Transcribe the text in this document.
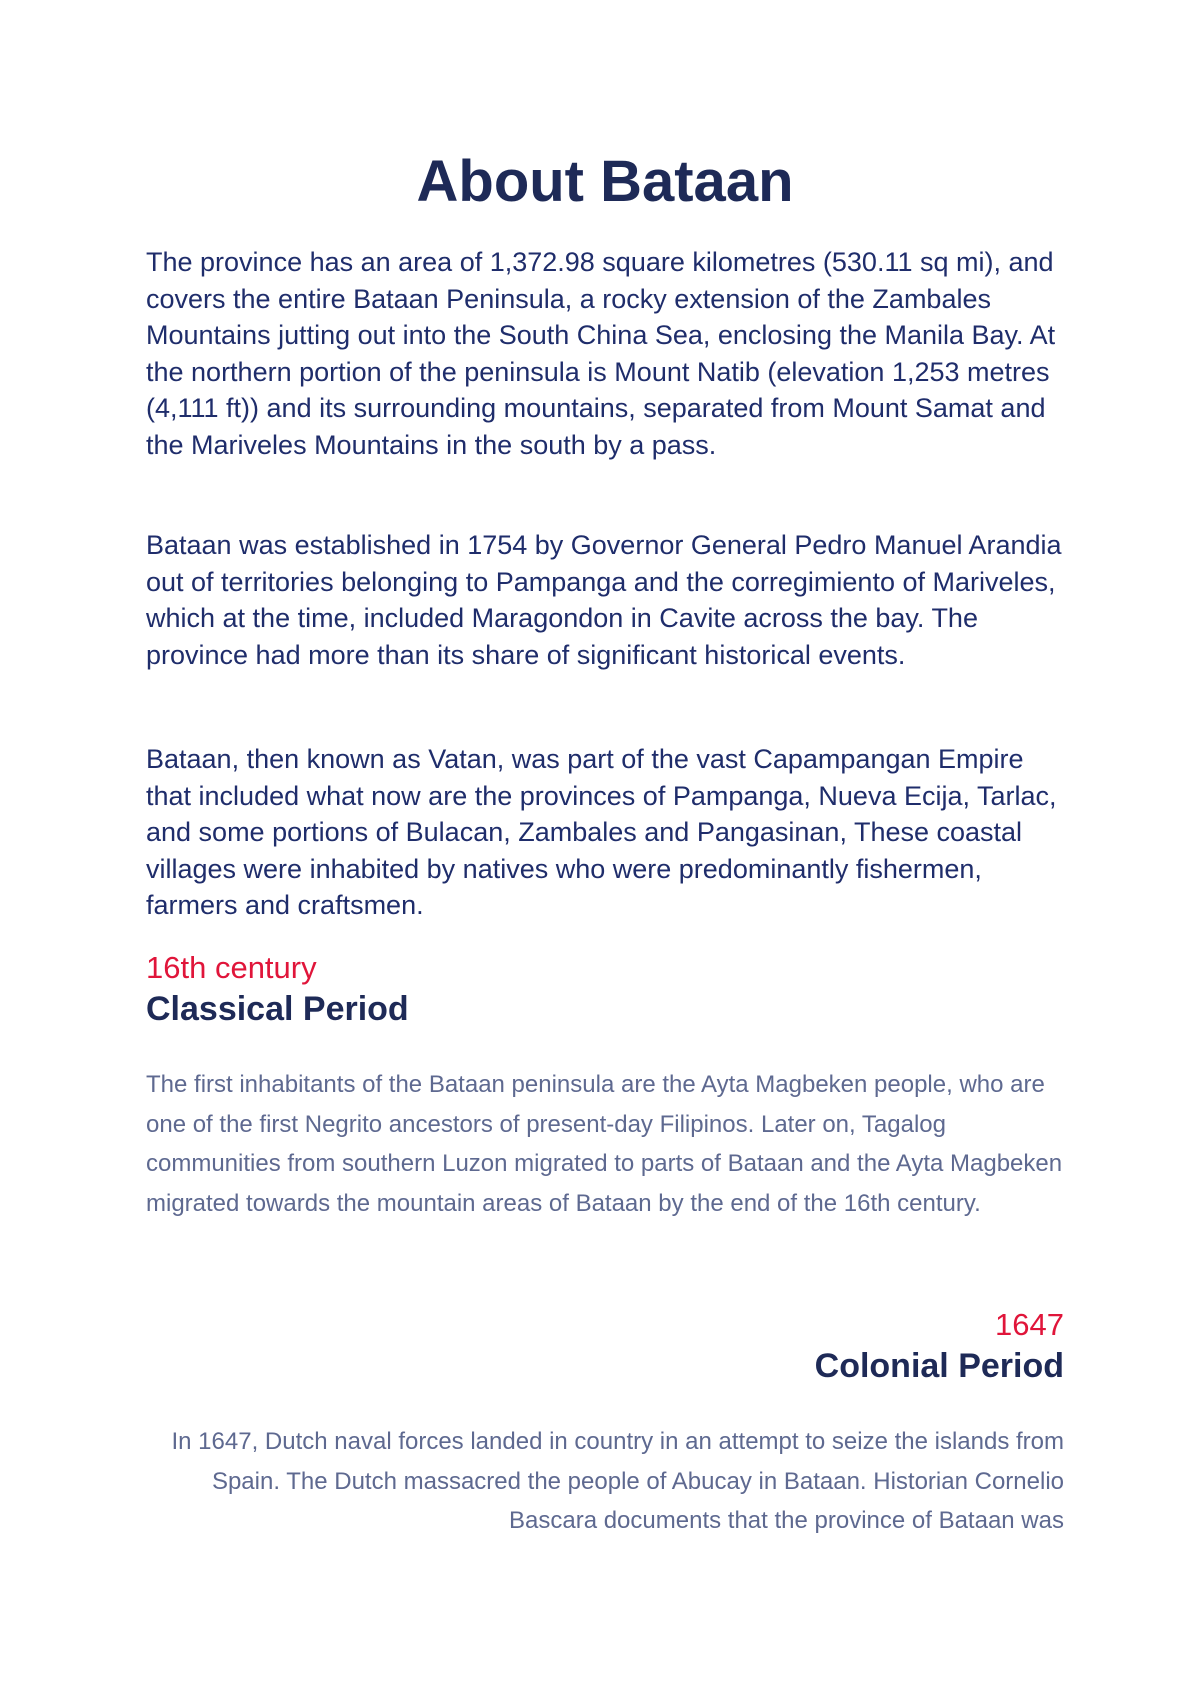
About Bataan

The province has an area of 1,372.98 square kilometres (530.11 sq mi), and covers the entire Bataan Peninsula, a rocky extension of the Zambales Mountains jutting out into the South China Sea, enclosing the Manila Bay. At the northern portion of the peninsula is Mount Natib (elevation 1,253 metres (4,111 ft)) and its surrounding mountains, separated from Mount Samat and the Mariveles Mountains in the south by a pass.

Bataan was established in 1754 by Governor General Pedro Manuel Arandia out of territories belonging to Pampanga and the corregimiento of Mariveles, which at the time, included Maragondon in Cavite across the bay. The province had more than its share of significant historical events.

Bataan, then known as Vatan, was part of the vast Capampangan Empire that included what now are the provinces of Pampanga, Nueva Ecija, Tarlac, and some portions of Bulacan, Zambales and Pangasinan, These coastal villages were inhabited by natives who were predominantly fishermen, farmers and craftsmen.

16th century
Classical Period

The first inhabitants of the Bataan peninsula are the Ayta Magbeken people, who are one of the first Negrito ancestors of present-day Filipinos. Later on, Tagalog communities from southern Luzon migrated to parts of Bataan and the Ayta Magbeken migrated towards the mountain areas of Bataan by the end of the 16th century.

1647
Colonial Period

In 1647, Dutch naval forces landed in country in an attempt to seize the islands from Spain. The Dutch massacred the people of Abucay in Bataan. Historian Cornelio Bascara documents that the province of Bataan was
